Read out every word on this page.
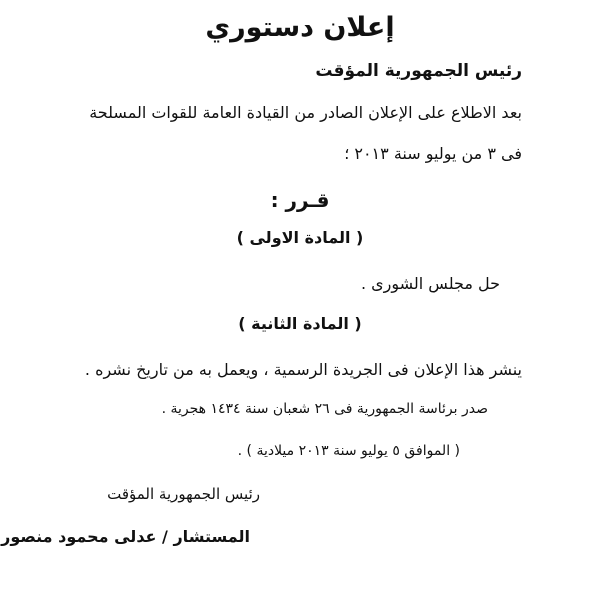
إعلان دستوري
رئيس الجمهورية المؤقت
بعد الاطلاع على الإعلان الصادر من القيادة العامة للقوات المسلحة
فى ٣ من يوليو سنة ٢٠١٣ ؛
قـرر :
( المادة الاولى )
حل مجلس الشورى .
( المادة الثانية )
ينشر هذا الإعلان فى الجريدة الرسمية ، ويعمل به من تاريخ نشره .
صدر برئاسة الجمهورية فى ٢٦ شعبان سنة ١٤٣٤ هجرية .
( الموافق ٥ يوليو سنة ٢٠١٣ ميلادية ) .
رئيس الجمهورية المؤقت
المستشار / عدلى محمود منصور
